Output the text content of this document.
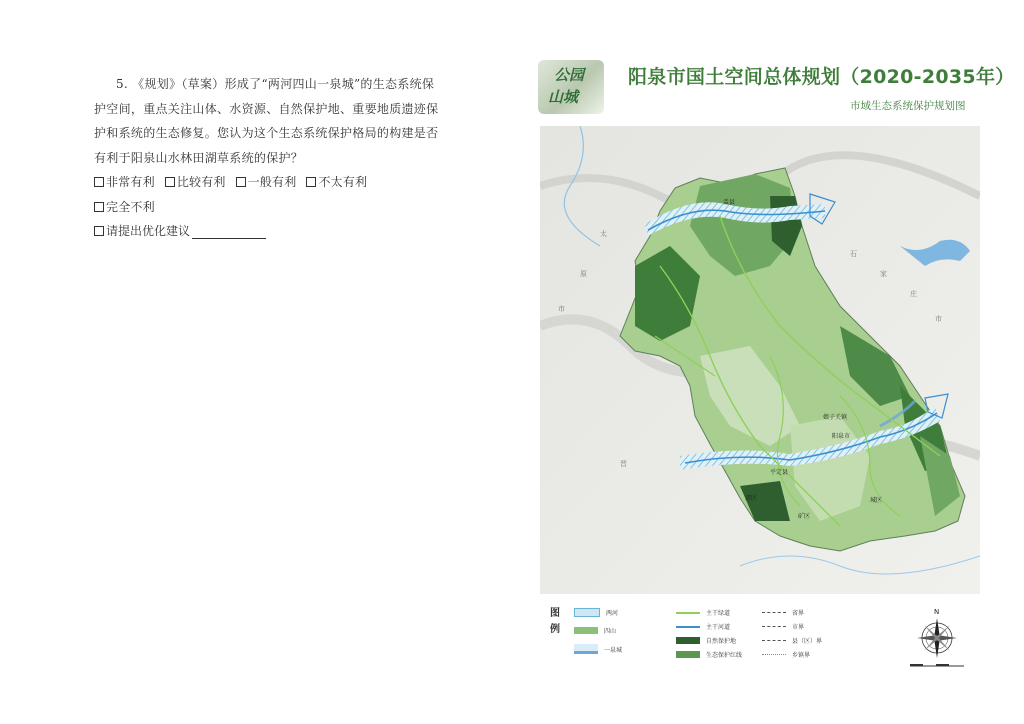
5. 《规划》（草案）形成了“两河四山一泉城”的生态系统保护空间，重点关注山体、水资源、自然保护地、重要地质遗迹保护和系统的生态修复。您认为这个生态系统保护格局的构建是否有利于阳泉山水林田湖草系统的保护？

非常有利 比较有利 一般有利 不太有利
完全不利

请提出优化建议

公园
山城
阳泉市国土空间总体规划（2020-2035年）
市域生态系统保护规划图
盂县
娘子关镇
阳泉市
平定县
郊区
矿区
城区
太
原
市
石
家
庄
市
晋
图例
两河
四山
一泉城
主干绿道
主干河道
自然保护地
生态保护红线
省界
市界
县（区）界
乡镇界
N
